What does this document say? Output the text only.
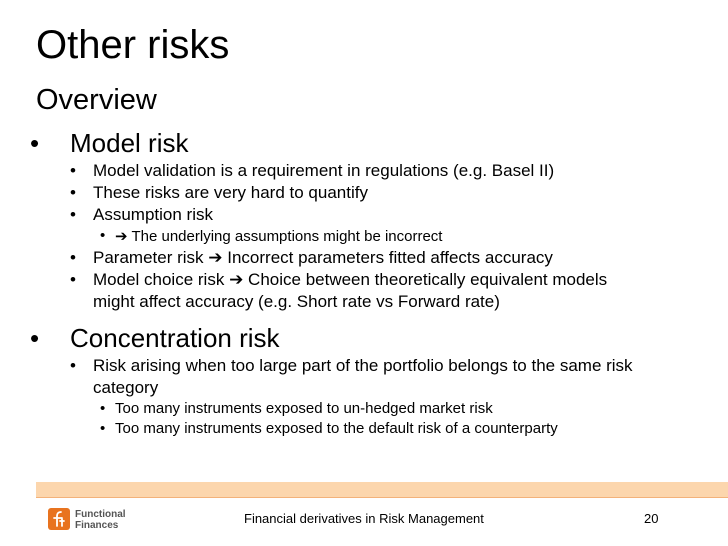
Other risks
Overview
• Model risk
• Model validation is a requirement in regulations (e.g. Basel II)
• These risks are very hard to quantify
• Assumption risk
• ➔ The underlying assumptions might be incorrect
• Parameter risk ➔ Incorrect parameters fitted affects accuracy
• Model choice risk ➔ Choice between theoretically equivalent models
might affect accuracy (e.g. Short rate vs Forward rate)
• Concentration risk
• Risk arising when too large part of the portfolio belongs to the same risk
category
• Too many instruments exposed to un-hedged market risk
• Too many instruments exposed to the default risk of a counterparty
Functional
Finances	Financial derivatives in Risk Management	20
